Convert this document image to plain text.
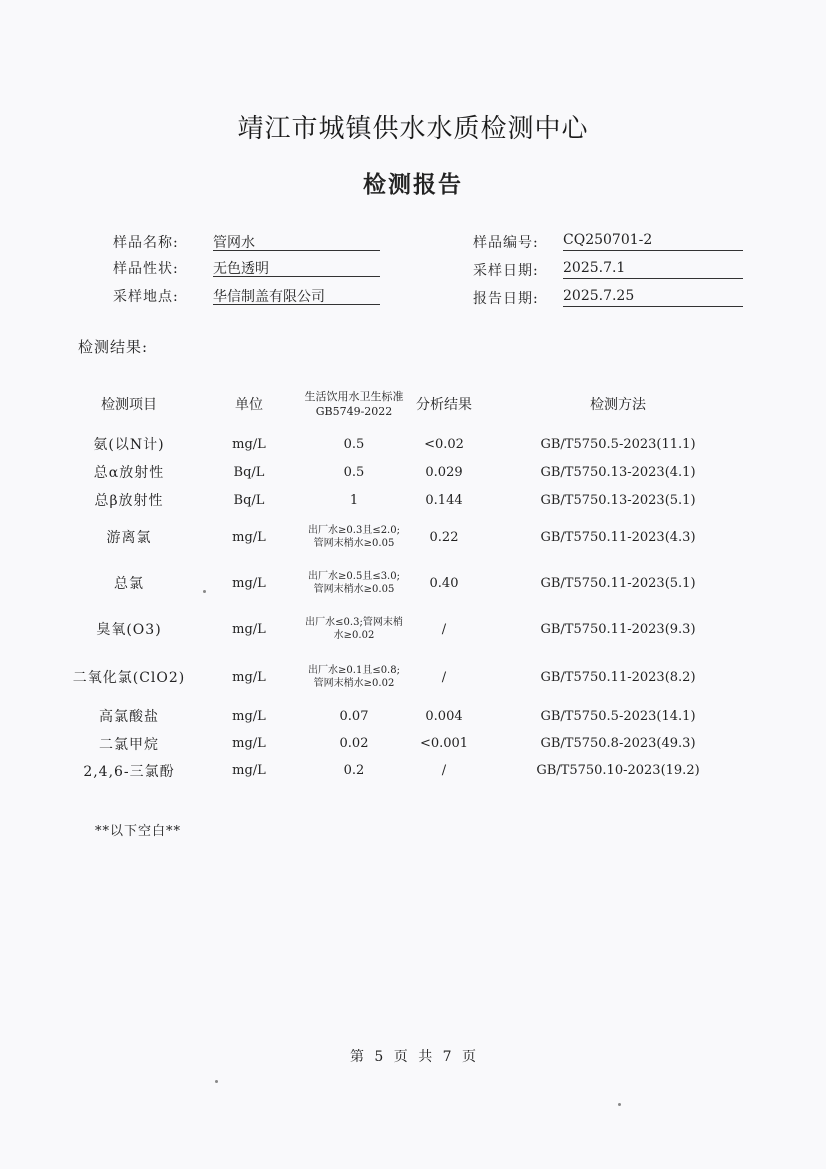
靖江市城镇供水水质检测中心
检测报告
样品名称: 管网水
样品性状: 无色透明
采样地点: 华信制盖有限公司
样品编号: CQ250701-2
采样日期: 2025.7.1
报告日期: 2025.7.25
检测结果:
检测项目	单位	生活饮用水卫生标准GB5749-2022	分析结果	检测方法
氨(以N计)	mg/L	0.5	<0.02	GB/T5750.5-2023(11.1)
总α放射性	Bq/L	0.5	0.029	GB/T5750.13-2023(4.1)
总β放射性	Bq/L	1	0.144	GB/T5750.13-2023(5.1)
游离氯	mg/L	出厂水≥0.3且≤2.0;管网末梢水≥0.05	0.22	GB/T5750.11-2023(4.3)
总氯	mg/L	出厂水≥0.5且≤3.0;管网末梢水≥0.05	0.40	GB/T5750.11-2023(5.1)
臭氧(O3)	mg/L	出厂水≤0.3;管网末梢水≥0.02	/	GB/T5750.11-2023(9.3)
二氧化氯(ClO2)	mg/L	出厂水≥0.1且≤0.8;管网末梢水≥0.02	/	GB/T5750.11-2023(8.2)
高氯酸盐	mg/L	0.07	0.004	GB/T5750.5-2023(14.1)
二氯甲烷	mg/L	0.02	<0.001	GB/T5750.8-2023(49.3)
2,4,6-三氯酚	mg/L	0.2	/	GB/T5750.10-2023(19.2)
**以下空白**
第 5 页 共 7 页
